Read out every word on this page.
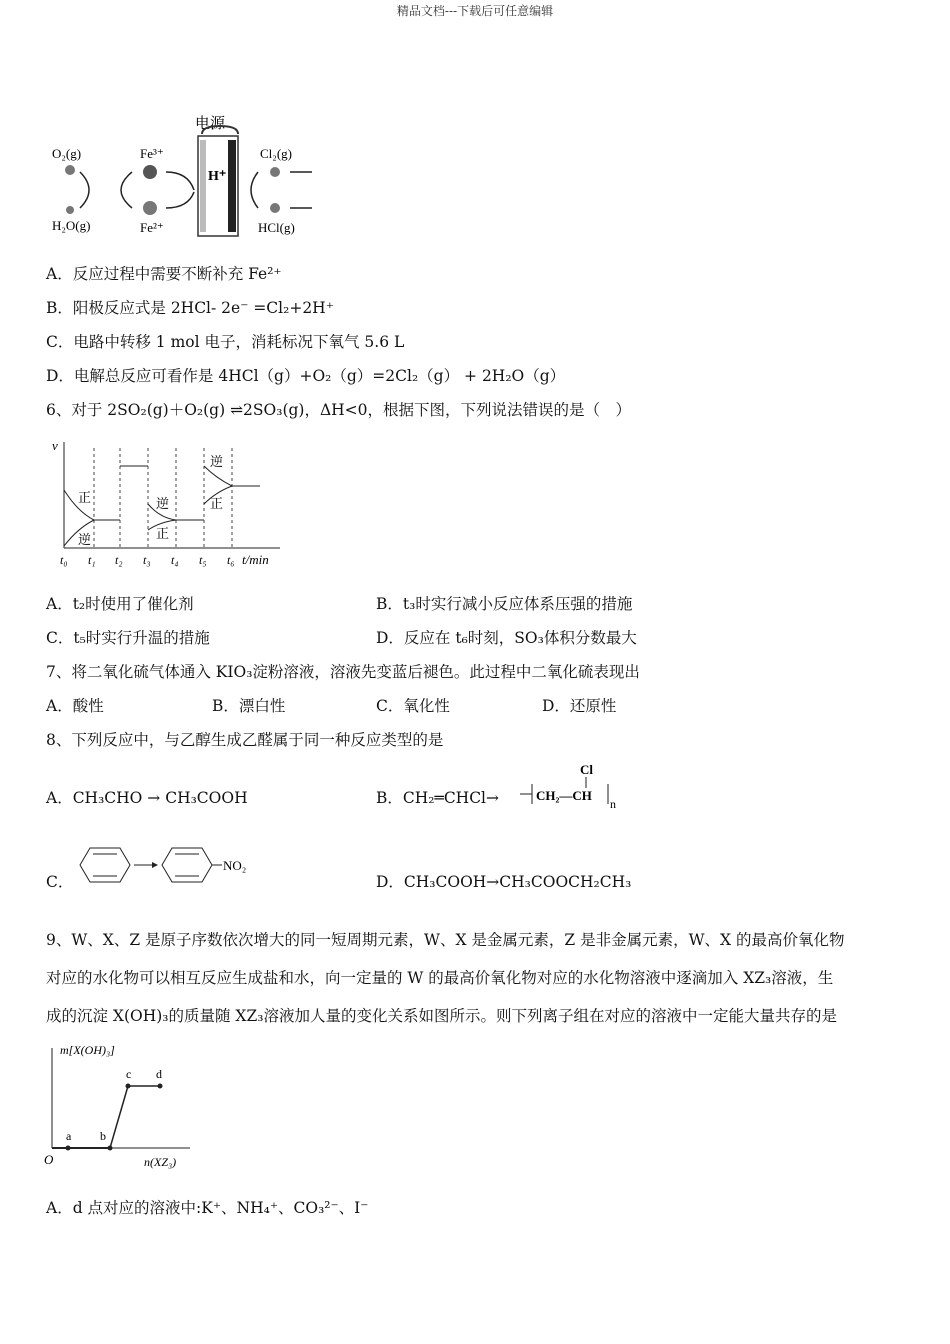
精品文档---下载后可任意编辑
电源
H⁺
O₂(g)	Fe³⁺
Fe²⁺
H₂O(g)
Cl₂(g)
HCl(g)
A．反应过程中需要不断补充 Fe²⁺
B．阳极反应式是 2HCl- 2e⁻ =Cl₂+2H⁺
C．电路中转移 1 mol 电子，消耗标况下氧气 5.6 L
D．电解总反应可看作是 4HCl（g）+O₂（g）=2Cl₂（g） + 2H₂O（g）
6、对于 2SO₂(g)＋O₂(g) ⇌2SO₃(g)，ΔH<0，根据下图，下列说法错误的是（　）
v
正
逆
逆
正
逆
正
t₀ t₁ t₂ t₃ t₄ t₅ t₆ t/min
A．t₂时使用了催化剂	B．t₃时实行减小反应体系压强的措施
C．t₅时实行升温的措施	D．反应在 t₆时刻，SO₃体积分数最大
7、将二氧化硫气体通入 KIO₃淀粉溶液，溶液先变蓝后褪色。此过程中二氧化硫表现出
A．酸性	B．漂白性	C．氧化性	D．还原性
8、下列反应中，与乙醇生成乙醛属于同一种反应类型的是
A．CH₃CHO → CH₃COOH	B．CH₂═CHCl→
Cl
CH₂—CH
n
C．
NO₂
D．CH₃COOH→CH₃COOCH₂CH₃
9、W、X、Z 是原子序数依次增大的同一短周期元素，W、X 是金属元素，Z 是非金属元素，W、X 的最高价氧化物
对应的水化物可以相互反应生成盐和水，向一定量的 W 的最高价氧化物对应的水化物溶液中逐滴加入 XZ₃溶液，生
成的沉淀 X(OH)₃的质量随 XZ₃溶液加人量的变化关系如图所示。则下列离子组在对应的溶液中一定能大量共存的是
m[X(OH)₃]
a b
c d
O	n(XZ₃)
A．d 点对应的溶液中:K⁺、NH₄⁺、CO₃²⁻、I⁻
